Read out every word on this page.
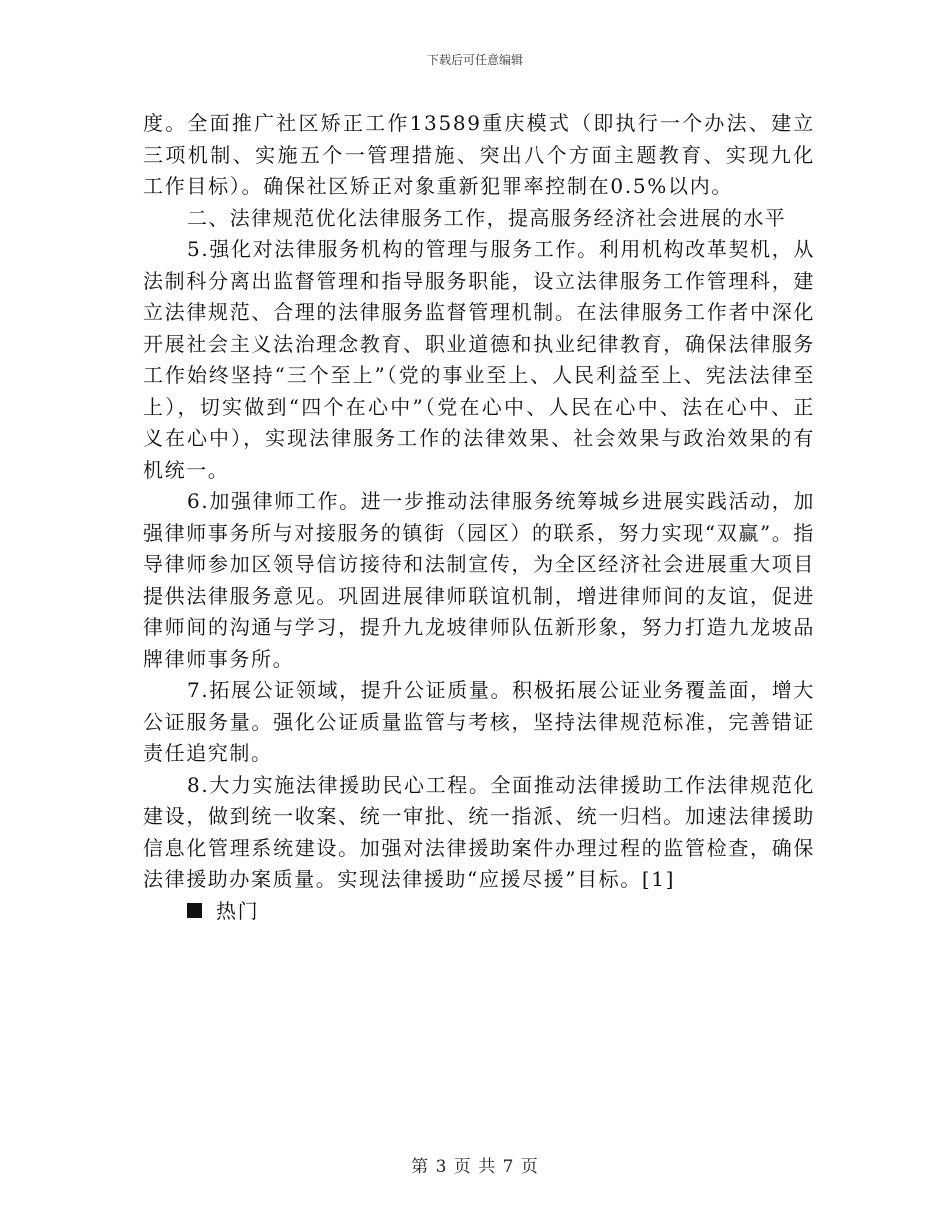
下载后可任意编辑

度。全面推广社区矫正工作13589重庆模式（即执行一个办法、建立三项机制、实施五个一管理措施、突出八个方面主题教育、实现九化工作目标）。确保社区矫正对象重新犯罪率控制在0.5%以内。

二、法律规范优化法律服务工作，提高服务经济社会进展的水平

5.强化对法律服务机构的管理与服务工作。利用机构改革契机，从法制科分离出监督管理和指导服务职能，设立法律服务工作管理科，建立法律规范、合理的法律服务监督管理机制。在法律服务工作者中深化开展社会主义法治理念教育、职业道德和执业纪律教育，确保法律服务工作始终坚持“三个至上”（党的事业至上、人民利益至上、宪法法律至上），切实做到“四个在心中”（党在心中、人民在心中、法在心中、正义在心中），实现法律服务工作的法律效果、社会效果与政治效果的有机统一。

6.加强律师工作。进一步推动法律服务统筹城乡进展实践活动，加强律师事务所与对接服务的镇街（园区）的联系，努力实现“双赢”。指导律师参加区领导信访接待和法制宣传，为全区经济社会进展重大项目提供法律服务意见。巩固进展律师联谊机制，增进律师间的友谊，促进律师间的沟通与学习，提升九龙坡律师队伍新形象，努力打造九龙坡品牌律师事务所。

7.拓展公证领域，提升公证质量。积极拓展公证业务覆盖面，增大公证服务量。强化公证质量监管与考核，坚持法律规范标准，完善错证责任追究制。

8.大力实施法律援助民心工程。全面推动法律援助工作法律规范化建设，做到统一收案、统一审批、统一指派、统一归档。加速法律援助信息化管理系统建设。加强对法律援助案件办理过程的监管检查，确保法律援助办案质量。实现法律援助“应援尽援”目标。[1]

热门
第 3 页 共 7 页
